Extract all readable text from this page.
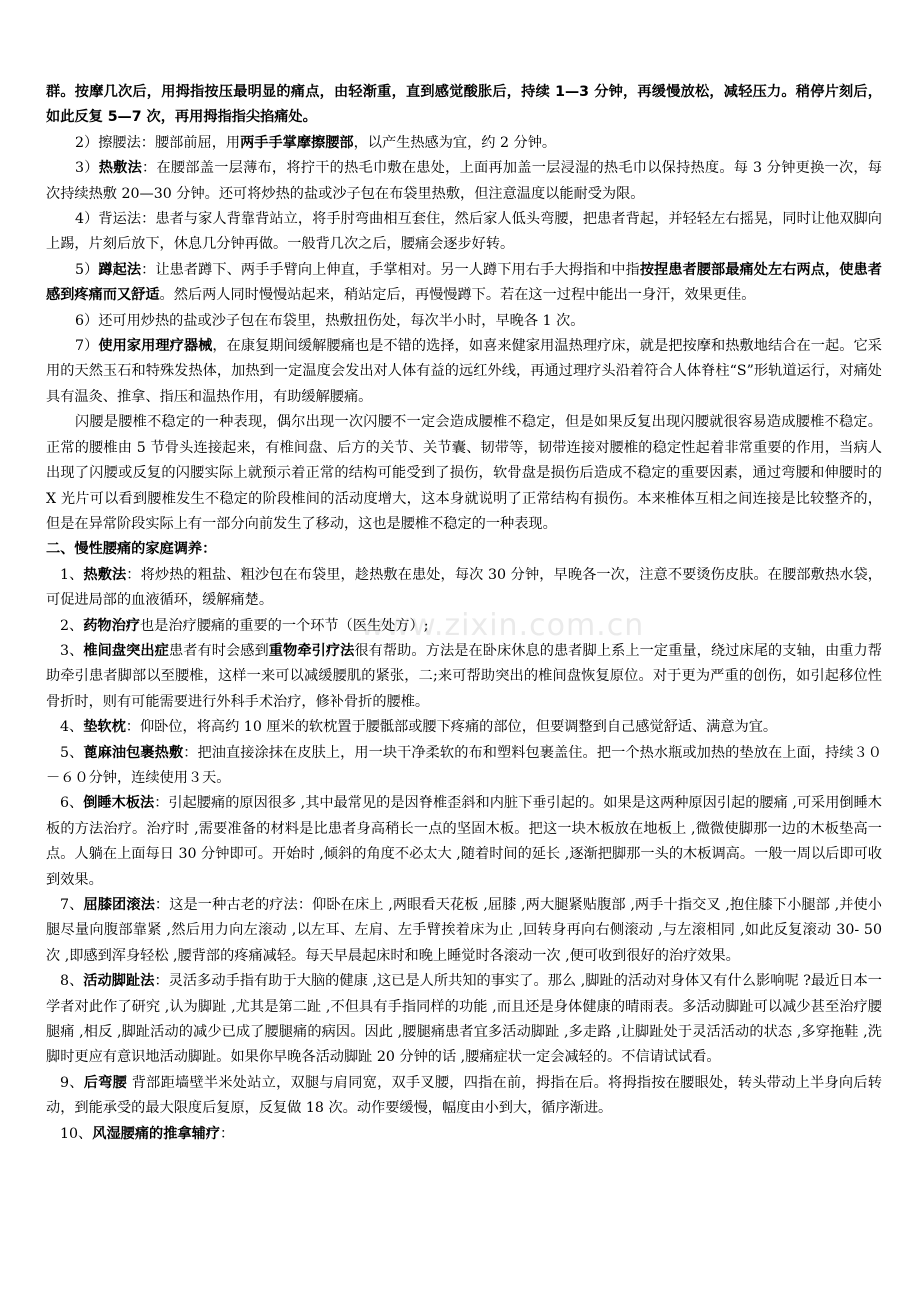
www.zixin.com.cn

群。按摩几次后，用拇指按压最明显的痛点，由轻渐重，直到感觉酸胀后，持续 1—3 分钟，再缓慢放松，减轻压力。稍停片刻后，如此反复 5—7 次，再用拇指指尖掐痛处。

2）擦腰法：腰部前屈，用两手手掌摩擦腰部，以产生热感为宜，约 2 分钟。

3）热敷法：在腰部盖一层薄布，将拧干的热毛巾敷在患处，上面再加盖一层浸湿的热毛巾以保持热度。每 3 分钟更换一次，每次持续热敷 20—30 分钟。还可将炒热的盐或沙子包在布袋里热敷，但注意温度以能耐受为限。

4）背运法：患者与家人背靠背站立，将手肘弯曲相互套住，然后家人低头弯腰，把患者背起，并轻轻左右摇晃，同时让他双脚向上踢，片刻后放下，休息几分钟再做。一般背几次之后，腰痛会逐步好转。

5）蹲起法：让患者蹲下、两手手臂向上伸直，手掌相对。另一人蹲下用右手大拇指和中指按捏患者腰部最痛处左右两点，使患者感到疼痛而又舒适。然后两人同时慢慢站起来，稍站定后，再慢慢蹲下。若在这一过程中能出一身汗，效果更佳。

6）还可用炒热的盐或沙子包在布袋里，热敷扭伤处，每次半小时，早晚各 1 次。

7）使用家用理疗器械，在康复期间缓解腰痛也是不错的选择，如喜来健家用温热理疗床，就是把按摩和热敷地结合在一起。它采用的天然玉石和特殊发热体，加热到一定温度会发出对人体有益的远红外线，再通过理疗头沿着符合人体脊柱“S”形轨道运行，对痛处具有温灸、推拿、指压和温热作用，有助缓解腰痛。

闪腰是腰椎不稳定的一种表现，偶尔出现一次闪腰不一定会造成腰椎不稳定，但是如果反复出现闪腰就很容易造成腰椎不稳定。正常的腰椎由 5 节骨头连接起来，有椎间盘、后方的关节、关节囊、韧带等，韧带连接对腰椎的稳定性起着非常重要的作用，当病人出现了闪腰或反复的闪腰实际上就预示着正常的结构可能受到了损伤，软骨盘是损伤后造成不稳定的重要因素，通过弯腰和伸腰时的 X 光片可以看到腰椎发生不稳定的阶段椎间的活动度增大，这本身就说明了正常结构有损伤。本来椎体互相之间连接是比较整齐的，但是在异常阶段实际上有一部分向前发生了移动，这也是腰椎不稳定的一种表现。

二、慢性腰痛的家庭调养：

1、热敷法：将炒热的粗盐、粗沙包在布袋里，趁热敷在患处，每次 30 分钟，早晚各一次，注意不要烫伤皮肤。在腰部敷热水袋，可促进局部的血液循环，缓解痛楚。

2、药物治疗也是治疗腰痛的重要的一个环节（医生处方）;

3、椎间盘突出症患者有时会感到重物牵引疗法很有帮助。方法是在卧床休息的患者脚上系上一定重量，绕过床尾的支轴，由重力帮助牵引患者脚部以至腰椎，这样一来可以减缓腰肌的紧张，二;来可帮助突出的椎间盘恢复原位。对于更为严重的创伤，如引起移位性骨折时，则有可能需要进行外科手术治疗，修补骨折的腰椎。

4、垫软枕：仰卧位，将高约 10 厘米的软枕置于腰骶部或腰下疼痛的部位，但要调整到自己感觉舒适、满意为宜。

5、蓖麻油包裹热敷：把油直接涂抹在皮肤上，用一块干净柔软的布和塑料包裹盖住。把一个热水瓶或加热的垫放在上面，持续３０－６０分钟，连续使用３天。

6、倒睡木板法：引起腰痛的原因很多 ,其中最常见的是因脊椎歪斜和内脏下垂引起的。如果是这两种原因引起的腰痛 ,可采用倒睡木板的方法治疗。治疗时 ,需要准备的材料是比患者身高稍长一点的坚固木板。把这一块木板放在地板上 ,微微使脚那一边的木板垫高一点。人躺在上面每日 30 分钟即可。开始时 ,倾斜的角度不必太大 ,随着时间的延长 ,逐渐把脚那一头的木板调高。一般一周以后即可收到效果。

7、屈膝团滚法：这是一种古老的疗法：仰卧在床上 ,两眼看天花板 ,屈膝 ,两大腿紧贴腹部 ,两手十指交叉 ,抱住膝下小腿部 ,并使小腿尽量向腹部靠紧 ,然后用力向左滚动 ,以左耳、左肩、左手臂挨着床为止 ,回转身再向右侧滚动 ,与左滚相同 ,如此反复滚动 30- 50 次 ,即感到浑身轻松 ,腰背部的疼痛减轻。每天早晨起床时和晚上睡觉时各滚动一次 ,便可收到很好的治疗效果。

8、活动脚趾法：灵活多动手指有助于大脑的健康 ,这已是人所共知的事实了。那么 ,脚趾的活动对身体又有什么影响呢 ?最近日本一学者对此作了研究 ,认为脚趾 ,尤其是第二趾 ,不但具有手指同样的功能 ,而且还是身体健康的晴雨表。多活动脚趾可以减少甚至治疗腰腿痛 ,相反 ,脚趾活动的减少已成了腰腿痛的病因。因此 ,腰腿痛患者宜多活动脚趾 ,多走路 ,让脚趾处于灵活活动的状态 ,多穿拖鞋 ,洗脚时更应有意识地活动脚趾。如果你早晚各活动脚趾 20 分钟的话 ,腰痛症状一定会减轻的。不信请试试看。

9、后弯腰 背部距墙壁半米处站立，双腿与肩同宽，双手叉腰，四指在前，拇指在后。将拇指按在腰眼处，转头带动上半身向后转动，到能承受的最大限度后复原，反复做 18 次。动作要缓慢，幅度由小到大，循序渐进。

10、风湿腰痛的推拿辅疗：
